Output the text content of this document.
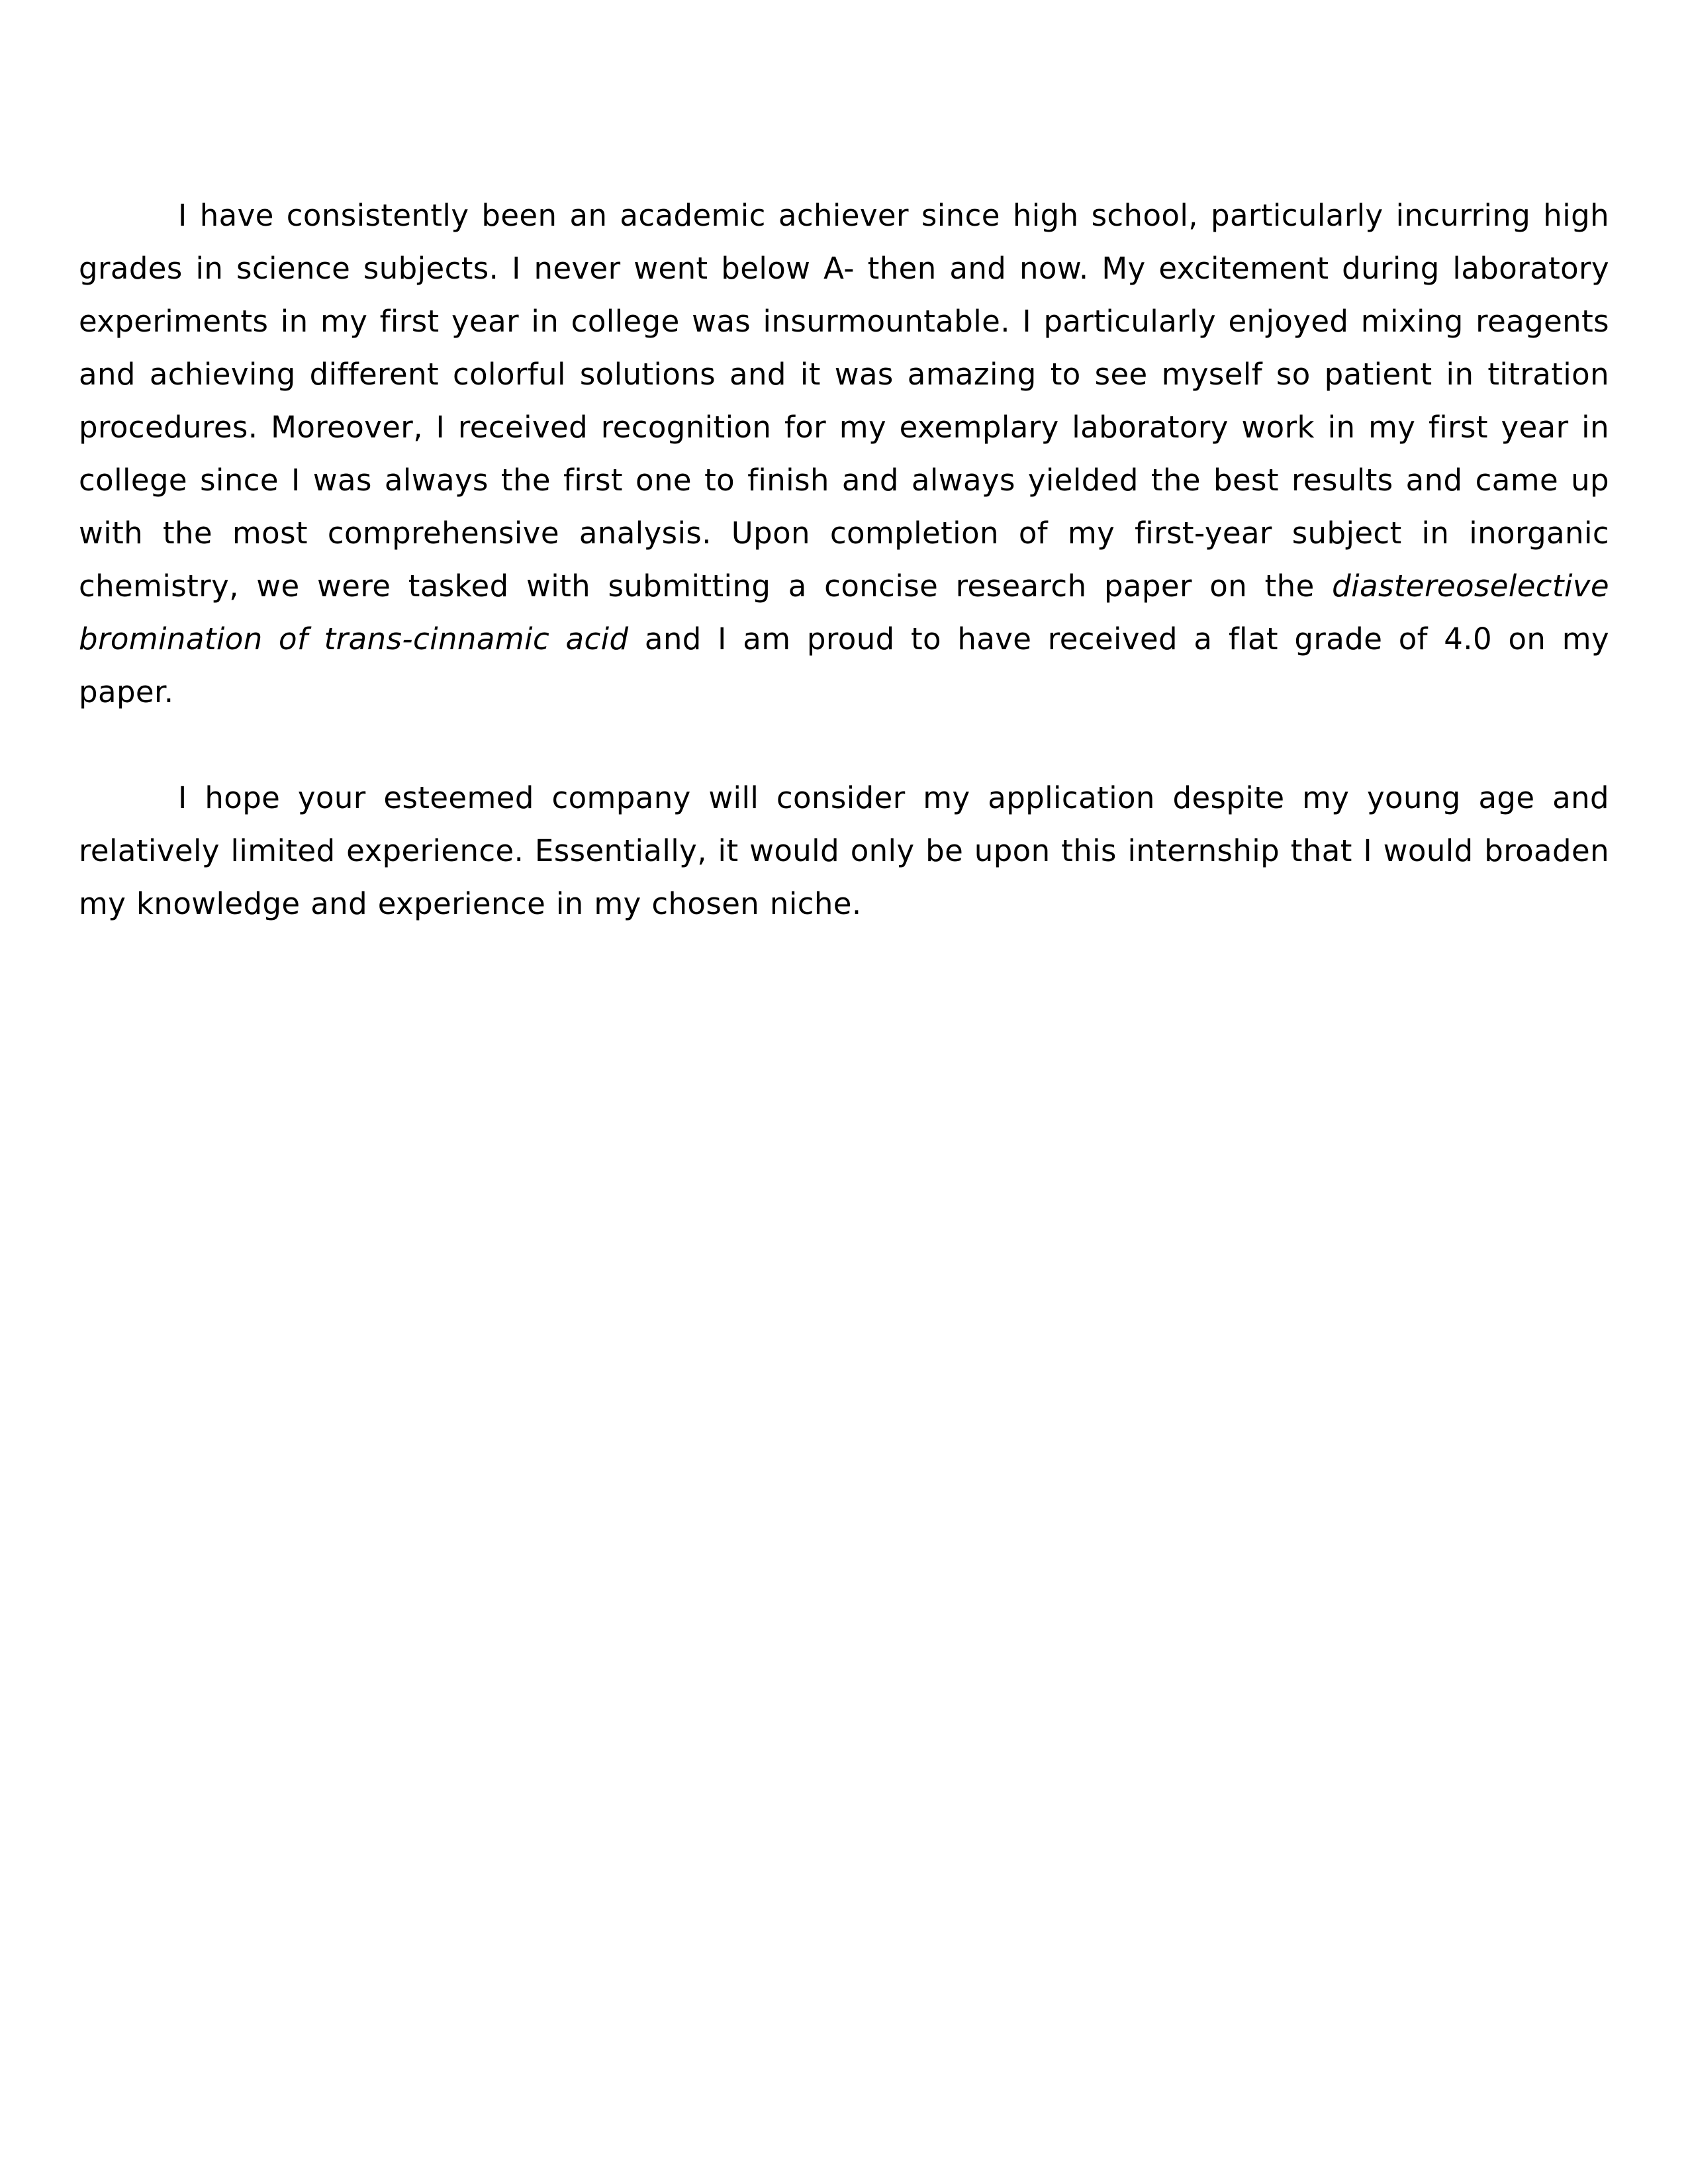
I have consistently been an academic achiever since high school, particularly incurring high grades in science subjects. I never went below A- then and now. My excitement during laboratory experiments in my first year in college was insurmountable. I particularly enjoyed mixing reagents and achieving different colorful solutions and it was amazing to see myself so patient in titration procedures. Moreover, I received recognition for my exemplary laboratory work in my first year in college since I was always the first one to finish and always yielded the best results and came up with the most comprehensive analysis. Upon completion of my first-year subject in inorganic chemistry, we were tasked with submitting a concise research paper on the diastereoselective bromination of trans-cinnamic acid and I am proud to have received a flat grade of 4.0 on my paper.

I hope your esteemed company will consider my application despite my young age and relatively limited experience. Essentially, it would only be upon this internship that I would broaden my knowledge and experience in my chosen niche.
